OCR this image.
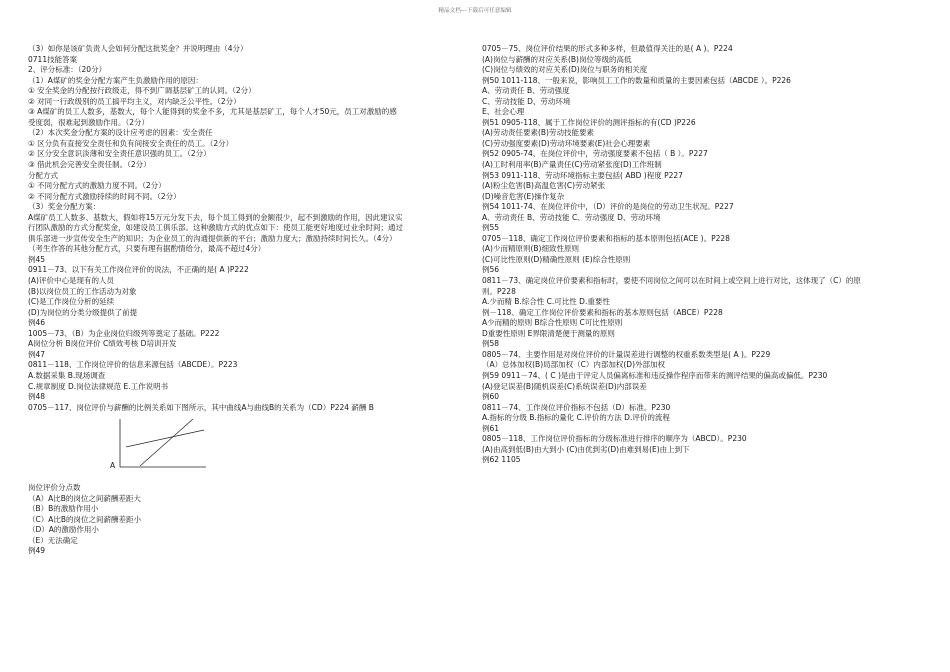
精品文档---下载后可任意编辑
（3）如你是该矿负责人会如何分配这批奖金？并说明理由（4分）
0711技能答案
2、评分标准：（20分）
（1）A煤矿的奖金分配方案产生负激励作用的原因：
① 安全奖金的分配按行政级走，得不到广调基层矿工的认同。（2分）
② 对同一行政级别的员工搞平均主义，对内缺乏公平性。（2分）
③ A煤矿的员工人数多，基数大，每个人能得到的奖金不多，尤其是基层矿工，每个人才50元，员工对激励的感
受度弱，很难起到激励作用。（2分）
（2）本次奖金分配方案的设计应考虑的因素：安全责任
① 区分负有直接安全责任和负有间接安全责任的员工。（2分）
② 区分安全意识淡薄和安全责任意识强的员工。（2分）
③ 借此机会完善安全责任制。（2分）
分配方式
① 不同分配方式的激励力度不同。（2分）
② 不同分配方式激励持续的时间不同。（2分）
（3）奖金分配方案：
A煤矿员工人数多、基数大，假如将15万元分发下去，每个员工得到的金额很少，起不到激励的作用，因此建议实
行团队激励的方式分配奖金，如建设员工俱乐部。这种激励方式的优点如下：使员工能更好地度过业余时间；通过
俱乐部进一步宣传安全生产的知识；为企业员工的沟通提供新的平台；激励力度大；激励持续时间长久。（4分）
（考生作答的其他分配方式，只要有理有据酌情给分，最高不超过4分）
例45
0911－73、以下有关工作岗位评价的说法，不正确的是( A )P222
(A)评价中心是现有的人员
(B)以岗位员工的工作活动为对象
(C)是工作岗位分析的延续
(D)为岗位的分类分级提供了前提
例46
1005－73、（B）为企业岗位归级列等奠定了基础。P222
A岗位分析 B岗位评价 C绩效考核 D培训开发
例47
0811－118、工作岗位评价的信息来源包括（ABCDE）。P223
A.数据采集 B.现场调查
C.规章制度 D.岗位法律规范 E.工作说明书
例48
0705－117、岗位评价与薪酬的比例关系如下图所示，其中曲线A与曲线B的关系为（CD）P224 薪酬 B
A
岗位评价分点数
（A）A比B的岗位之间薪酬差距大
（B）B的激励作用小
（C）A比B的岗位之间薪酬差距小
（D）A的激励作用小
（E）无法确定
例49
0705－75、岗位评价结果的形式多种多样，但最值得关注的是( A )。P224
(A)岗位与薪酬的对应关系(B)岗位等级的高低
(C)岗位与绩效的对应关系(D)岗位与职务的相关度
例50 1011-118、一般来说，影响员工工作的数量和质量的主要因素包括（ABCDE ）。P226
A、劳动责任 B、劳动强度
C、劳动技能 D、劳动环境
E、社会心理
例51 0905-118、属于工作岗位评价的测评指标的有(CD )P226
(A)劳动责任要素(B)劳动技能要素
(C)劳动强度要素(D)劳动环境要素(E)社会心理要素
例52 0905-74、在岗位评价中，劳动强度要素不包括（ B ）。P227
(A)工时利用率(B)产量责任(C)劳动紧张度(D)工作班制
例53 0911-118、劳动环境指标主要包括( ABD )程度 P227
(A)粉尘危害(B)高温危害(C)劳动紧张
(D)噪音危害(E)操作复杂
例54 1011-74、在岗位评价中，（D）评价的是岗位的劳动卫生状况。P227
A、劳动责任 B、劳动技能 C、劳动强度 D、劳动环境
例55
0705－118、确定工作岗位评价要素和指标的基本原则包括(ACE )。P228
(A)少而精原则(B)细致性原则
(C)可比性原则(D)精确性原则 (E)综合性原则
例56
0811－73、确定岗位评价要素和指标时，要使不同岗位之间可以在时间上或空间上进行对比，这体现了（C）的原
则。P228
A.少而精 B.综合性 C.可比性 D.重要性
例－118、确定工作岗位评价要素和指标的基本原则包括（ABCE）P228
A少而精的原则 B综合性原则 C可比性原则
D重要性原则 E界限清楚便于测量的原则
例58
0805－74、主要作用是对岗位评价的计量误差进行调整的权重系数类型是( A )。P229
（A）总体加权(B)局部加权（C）内部加权(D)外部加权
例59 0911－74、( C )是由于评定人员偏离标准和违反操作程序而带来的测评结果的偏高或偏低。P230
(A)登记误差(B)随机误差(C)系统误差(D)内部误差
例60
0811－74、工作岗位评价指标不包括（D）标准。P230
A.指标的分级 B.指标的量化 C.评价的方法 D.评价的流程
例61
0805－118、工作岗位评价指标的分级标准进行排序的顺序为（ABCD）。P230
(A)由高到低(B)由大到小 (C)由优到劣(D)由难到易(E)由上到下
例62 1105
